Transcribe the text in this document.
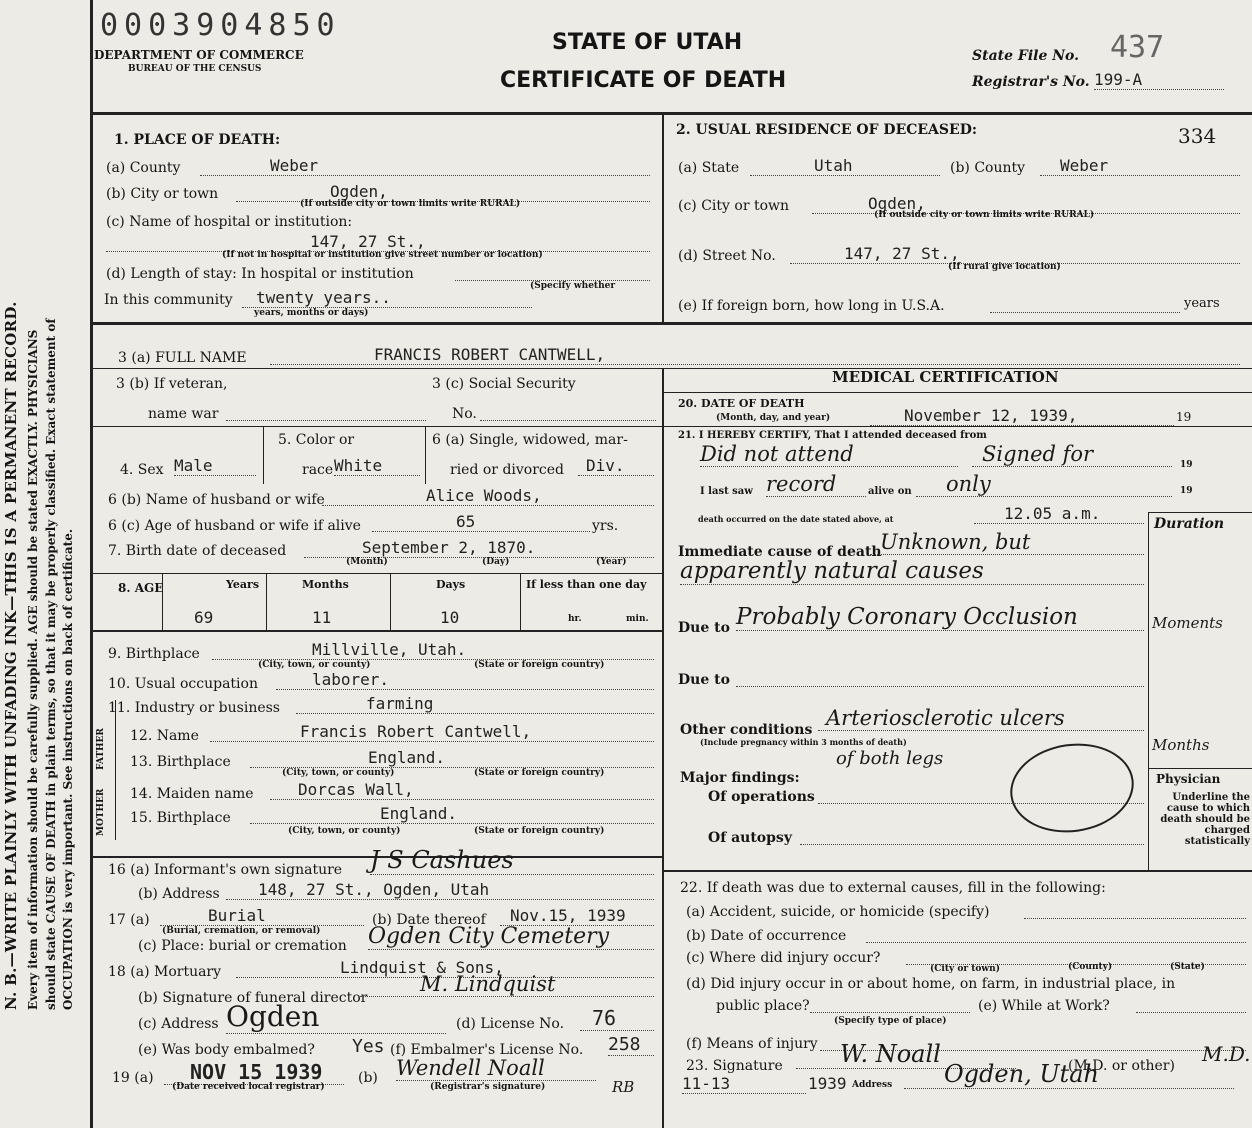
N. B.—WRITE PLAINLY WITH UNFADING INK—THIS IS A PERMANENT RECORD. Every item of information should be carefully supplied. AGE should be stated EXACTLY. PHYSICIANS should state CAUSE OF DEATH in plain terms, so that it may be properly classified. Exact statement of OCCUPATION is very important. See instructions on back of certificate.
0003904850
DEPARTMENT OF COMMERCE
BUREAU OF THE CENSUS
STATE OF UTAH
CERTIFICATE OF DEATH
State File No. 437
Registrar's No. 199-A
1. PLACE OF DEATH:
(a) County	Weber
(b) City or town	Ogden,
(If outside city or town limits write RURAL)
(c) Name of hospital or institution:
147, 27 St.,
(If not in hospital or institution give street number or location)
(d) Length of stay: In hospital or institution
In this community	twenty years..
(Specify whether
years, months or days)
2. USUAL RESIDENCE OF DECEASED:	334
(a) State	Utah	(b) County	Weber
(c) City or town	Ogden,
(If outside city or town limits write RURAL)
(d) Street No.	147, 27 St.,
(If rural give location)
(e) If foreign born, how long in U.S.A.	years
3 (a) FULL NAME	FRANCIS ROBERT CANTWELL,
3 (b) If veteran,
name war
3 (c) Social Security
No.
4. Sex Male
5. Color or
race White
6 (a) Single, widowed, mar-
ried or divorced	Div.
6 (b) Name of husband or wife	Alice Woods,
6 (c) Age of husband or wife if alive	65	yrs.
7. Birth date of deceased	September 2, 1870.
(Month)	(Day)	(Year)
8. AGE	Years	Months	Days	If less than one day
69	11	10	hr.	min.
9. Birthplace	Millville, Utah.
(City, town, or county)	(State or foreign country)
10. Usual occupation	laborer.
11. Industry or business	farming
FATHER
MOTHER
12. Name	Francis Robert Cantwell,
13. Birthplace	England.
(City, town, or county)	(State or foreign country)
14. Maiden name	Dorcas Wall,
15. Birthplace	England.
(City, town, or county)	(State or foreign country)
16 (a) Informant's own signature J S Cashues
(b) Address	148, 27 St., Ogden, Utah
17 (a)	Burial
(Burial, cremation, or removal)
(b) Date thereof	Nov.15, 1939
(c) Place: burial or cremation Ogden City Cemetery
18 (a) Mortuary	Lindquist & Sons,
(b) Signature of funeral director
M. Lindquist
(c) Address Ogden	(d) License No.	76
(e) Was body embalmed? Yes (f) Embalmer's License No. 258
19 (a)	NOV 15 1939	(b) Wendell Noall
RB
(Date received local registrar)	(Registrar's signature)
MEDICAL CERTIFICATION
20. DATE OF DEATH
(Month, day, and year)	November 12, 1939,	19
21. I HEREBY CERTIFY, That I attended deceased from
Did not attend	Signed for	19
I last saw record	alive on	only	19
death occurred on the date stated above, at	12.05 a.m.
Duration
Immediate cause of death
Unknown, but
apparently natural causes
Due to Probably Coronary Occlusion	Moments
Due to
Other conditions Arteriosclerotic ulcers
(Include pregnancy within 3 months of death)
of both legs
Months
Major findings:
Of operations
Of autopsy
Physician
Underline the cause to which death should be charged statistically
22. If death was due to external causes, fill in the following:
(a) Accident, suicide, or homicide (specify)
(b) Date of occurrence
(c) Where did injury occur?
(City or town)	(County)	(State)
(d) Did injury occur in or about home, on farm, in industrial place, in
public place?	(e) While at Work?
(Specify type of place)
(f) Means of injury
23. Signature	W. Noall	(M.D. or other) M.D.
11-13	1939 Address	Ogden, Utah
